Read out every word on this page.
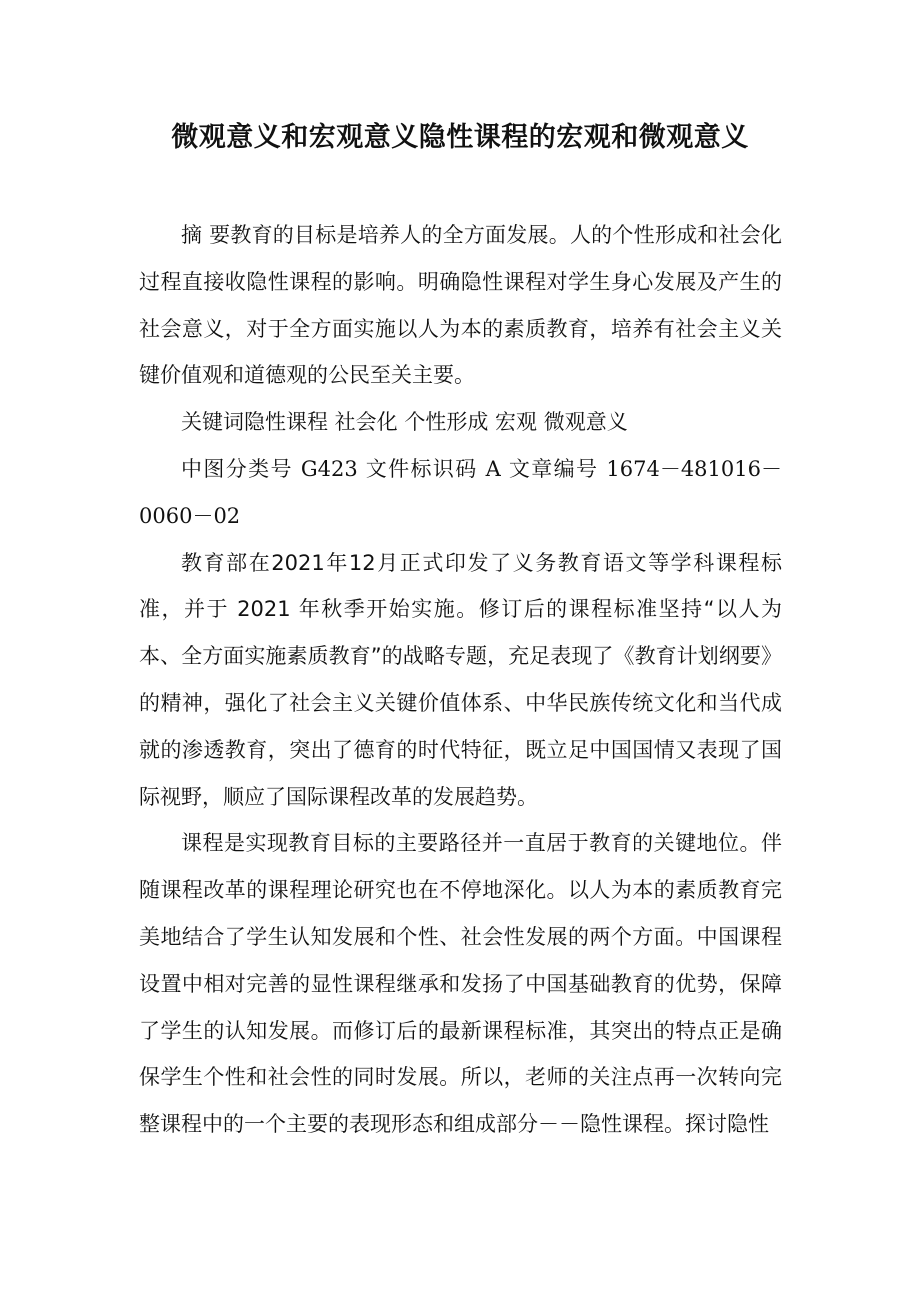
微观意义和宏观意义隐性课程的宏观和微观意义

摘 要教育的目标是培养人的全方面发展。人的个性形成和社会化过程直接收隐性课程的影响。明确隐性课程对学生身心发展及产生的社会意义，对于全方面实施以人为本的素质教育，培养有社会主义关键价值观和道德观的公民至关主要。

关键词隐性课程 社会化 个性形成 宏观 微观意义

中图分类号 G423 文件标识码 A 文章编号 1674－481016－0060－02

教育部在2021年12月正式印发了义务教育语文等学科课程标准，并于 2021 年秋季开始实施。修订后的课程标准坚持“以人为本、全方面实施素质教育”的战略专题，充足表现了《教育计划纲要》的精神，强化了社会主义关键价值体系、中华民族传统文化和当代成就的渗透教育，突出了德育的时代特征，既立足中国国情又表现了国际视野，顺应了国际课程改革的发展趋势。

课程是实现教育目标的主要路径并一直居于教育的关键地位。伴随课程改革的课程理论研究也在不停地深化。以人为本的素质教育完美地结合了学生认知发展和个性、社会性发展的两个方面。中国课程设置中相对完善的显性课程继承和发扬了中国基础教育的优势，保障了学生的认知发展。而修订后的最新课程标准，其突出的特点正是确保学生个性和社会性的同时发展。所以，老师的关注点再一次转向完整课程中的一个主要的表现形态和组成部分－－隐性课程。探讨隐性
